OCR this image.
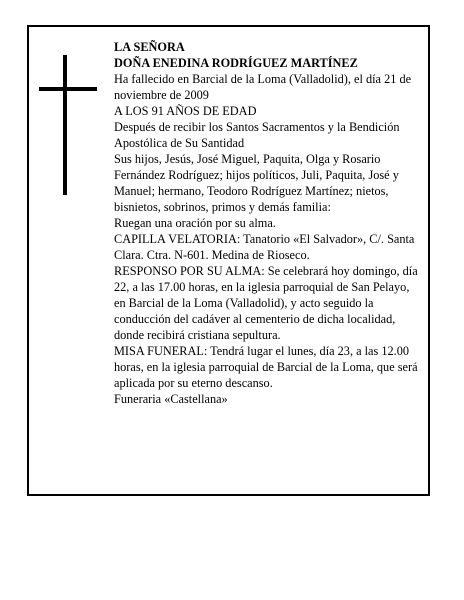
LA SEÑORA

DOÑA ENEDINA RODRÍGUEZ MARTÍNEZ

Ha fallecido en Barcial de la Loma (Valladolid), el día 21 de noviembre de 2009

A LOS 91 AÑOS DE EDAD

Después de recibir los Santos Sacramentos y la Bendición Apostólica de Su Santidad

Sus hijos, Jesús, José Miguel, Paquita, Olga y Rosario Fernández Rodríguez; hijos políticos, Juli, Paquita, José y Manuel; hermano, Teodoro Rodríguez Martínez; nietos, bisnietos, sobrinos, primos y demás familia:

Ruegan una oración por su alma.

CAPILLA VELATORIA: Tanatorio «El Salvador», C/. Santa Clara. Ctra. N-601. Medina de Rioseco.

RESPONSO POR SU ALMA: Se celebrará hoy domingo, día 22, a las 17.00 horas, en la iglesia parroquial de San Pelayo, en Barcial de la Loma (Valladolid), y acto seguido la conducción del cadáver al cementerio de dicha localidad, donde recibirá cristiana sepultura.

MISA FUNERAL: Tendrá lugar el lunes, día 23, a las 12.00 horas, en la iglesia parroquial de Barcial de la Loma, que será aplicada por su eterno descanso.

Funeraria «Castellana»
